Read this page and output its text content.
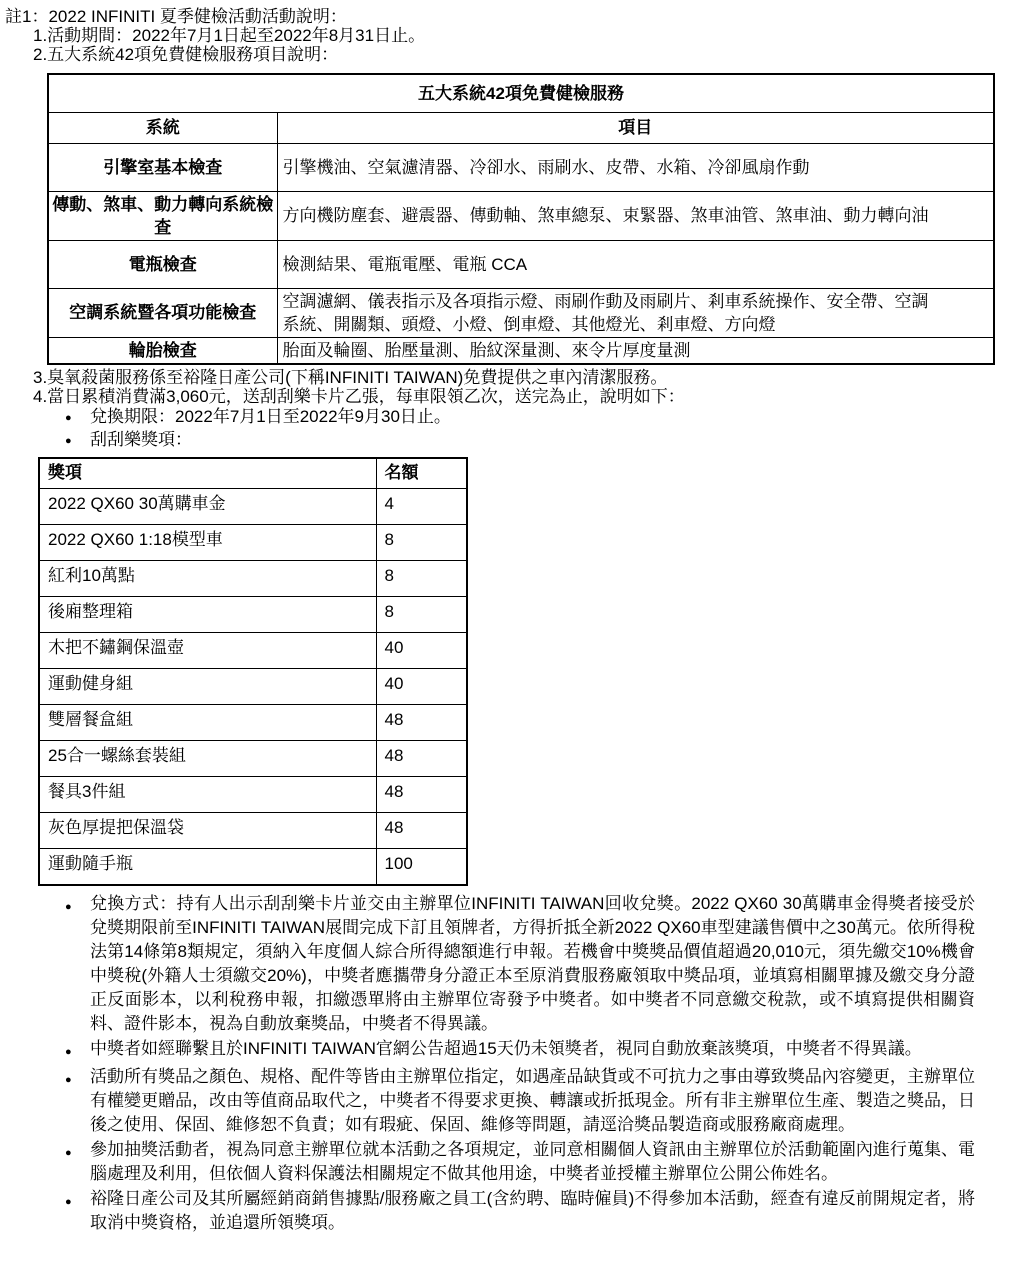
註1：2022 INFINITI 夏季健檢活動活動說明：
1.活動期間：2022年7月1日起至2022年8月31日止。
2.五大系統42項免費健檢服務項目說明：
五大系統42項免費健檢服務	
系統	項目
引擎室基本檢查	引擎機油、空氣濾清器、冷卻水、雨刷水、皮帶、水箱、冷卻風扇作動
傳動、煞車、動力轉向系統檢查	方向機防塵套、避震器、傳動軸、煞車總泵、束緊器、煞車油管、煞車油、動力轉向油
電瓶檢查	檢測結果、電瓶電壓、電瓶 CCA
空調系統暨各項功能檢查	空調濾網、儀表指示及各項指示燈、雨刷作動及雨刷片、剎車系統操作、安全帶、空調系統、開關類、頭燈、小燈、倒車燈、其他燈光、剎車燈、方向燈
輪胎檢查	胎面及輪圈、胎壓量測、胎紋深量測、來令片厚度量測
3.臭氧殺菌服務係至裕隆日產公司(下稱INFINITI TAIWAN)免費提供之車內清潔服務。
4.當日累積消費滿3,060元，送刮刮樂卡片乙張，每車限領乙次，送完為止，說明如下：
●	兌換期限：2022年7月1日至2022年9月30日止。
●	刮刮樂獎項：
獎項	名額
2022 QX60 30萬購車金	4
2022 QX60 1:18模型車	8
紅利10萬點	8
後廂整理箱	8
木把不鏽鋼保溫壺	40
運動健身組	40
雙層餐盒組	48
25合一螺絲套裝組	48
餐具3件組	48
灰色厚提把保溫袋	48
運動隨手瓶	100
●	兌換方式：持有人出示刮刮樂卡片並交由主辦單位INFINITI TAIWAN回收兌獎。2022 QX60 30萬購車金得獎者接受於兌獎期限前至INFINITI TAIWAN展間完成下訂且領牌者，方得折抵全新2022 QX60車型建議售價中之30萬元。依所得稅法第14條第8類規定，須納入年度個人綜合所得總額進行申報。若機會中獎獎品價值超過20,010元，須先繳交10%機會中獎稅(外籍人士須繳交20%)，中獎者應攜帶身分證正本至原消費服務廠領取中獎品項，並填寫相關單據及繳交身分證正反面影本，以利稅務申報，扣繳憑單將由主辦單位寄發予中獎者。如中獎者不同意繳交稅款，或不填寫提供相關資料、證件影本，視為自動放棄獎品，中獎者不得異議。
●	中獎者如經聯繫且於INFINITI TAIWAN官網公告超過15天仍未領獎者，視同自動放棄該獎項，中獎者不得異議。
●	活動所有獎品之顏色、規格、配件等皆由主辦單位指定，如遇產品缺貨或不可抗力之事由導致獎品內容變更，主辦單位有權變更贈品，改由等值商品取代之，中獎者不得要求更換、轉讓或折抵現金。所有非主辦單位生產、製造之獎品，日後之使用、保固、維修恕不負責；如有瑕疵、保固、維修等問題，請逕洽獎品製造商或服務廠商處理。
●	參加抽獎活動者，視為同意主辦單位就本活動之各項規定，並同意相關個人資訊由主辦單位於活動範圍內進行蒐集、電腦處理及利用，但依個人資料保護法相關規定不做其他用途，中獎者並授權主辦單位公開公佈姓名。
●	裕隆日產公司及其所屬經銷商銷售據點/服務廠之員工(含約聘、臨時僱員)不得參加本活動，經查有違反前開規定者，將取消中獎資格，並追還所領獎項。
